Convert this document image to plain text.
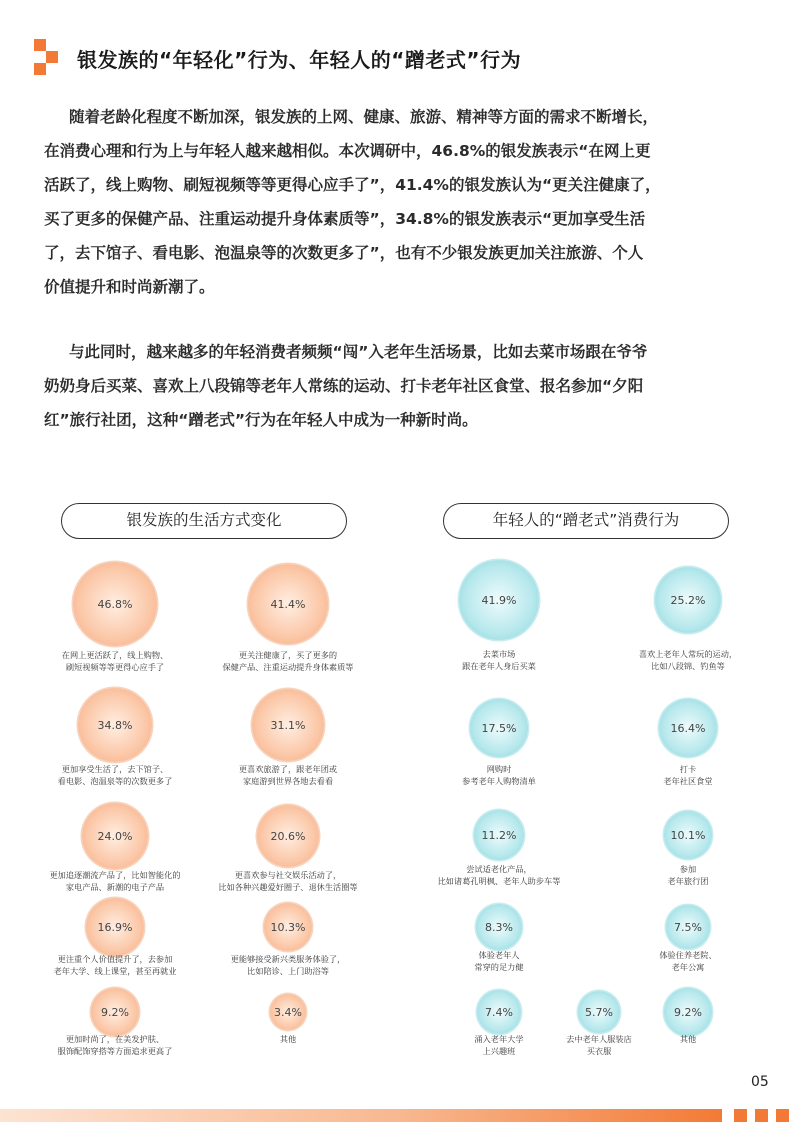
银发族的“年轻化”行为、年轻人的“蹭老式”行为
随着老龄化程度不断加深，银发族的上网、健康、旅游、精神等方面的需求不断增长，
在消费心理和行为上与年轻人越来越相似。本次调研中，46.8%的银发族表示“在网上更
活跃了，线上购物、刷短视频等等更得心应手了”，41.4%的银发族认为“更关注健康了，
买了更多的保健产品、注重运动提升身体素质等”，34.8%的银发族表示“更加享受生活
了，去下馆子、看电影、泡温泉等的次数更多了”，也有不少银发族更加关注旅游、个人
价值提升和时尚新潮了。
与此同时，越来越多的年轻消费者频频“闯”入老年生活场景，比如去菜市场跟在爷爷
奶奶身后买菜、喜欢上八段锦等老年人常练的运动、打卡老年社区食堂、报名参加“夕阳
红”旅行社团，这种“蹭老式”行为在年轻人中成为一种新时尚。
银发族的生活方式变化	年轻人的“蹭老式”消费行为
46.8%
在网上更活跃了，线上购物、
刷短视频等等更得心应手了
41.4%
更关注健康了，买了更多的
保健产品、注重运动提升身体素质等
34.8%
更加享受生活了，去下馆子、
看电影、泡温泉等的次数更多了
31.1%
更喜欢旅游了，跟老年团或
家庭游到世界各地去看看
24.0%
更加追逐潮流产品了，比如智能化的
家电产品、新潮的电子产品
20.6%
更喜欢参与社交娱乐活动了，
比如各种兴趣爱好圈子、退休生活圈等
16.9%
更注重个人价值提升了，去参加
老年大学、线上课堂，甚至再就业
10.3%
更能够接受新兴类服务体验了，
比如陪诊、上门助浴等
9.2%
更加时尚了，在美发护肤、
服饰配饰穿搭等方面追求更高了
3.4%
其他
41.9%
去菜市场
跟在老年人身后买菜
25.2%
喜欢上老年人常玩的运动，
比如八段锦、钓鱼等
17.5%
网购时
参考老年人购物清单
16.4%
打卡
老年社区食堂
11.2%
尝试适老化产品，
比如诸葛孔明枫、老年人助步车等
10.1%
参加
老年旅行团
8.3%
体验老年人
常穿的足力健
7.5%
体验住养老院、
老年公寓
7.4%
涌入老年大学
上兴趣班
5.7%
去中老年人服装店
买衣服
9.2%
其他
05
